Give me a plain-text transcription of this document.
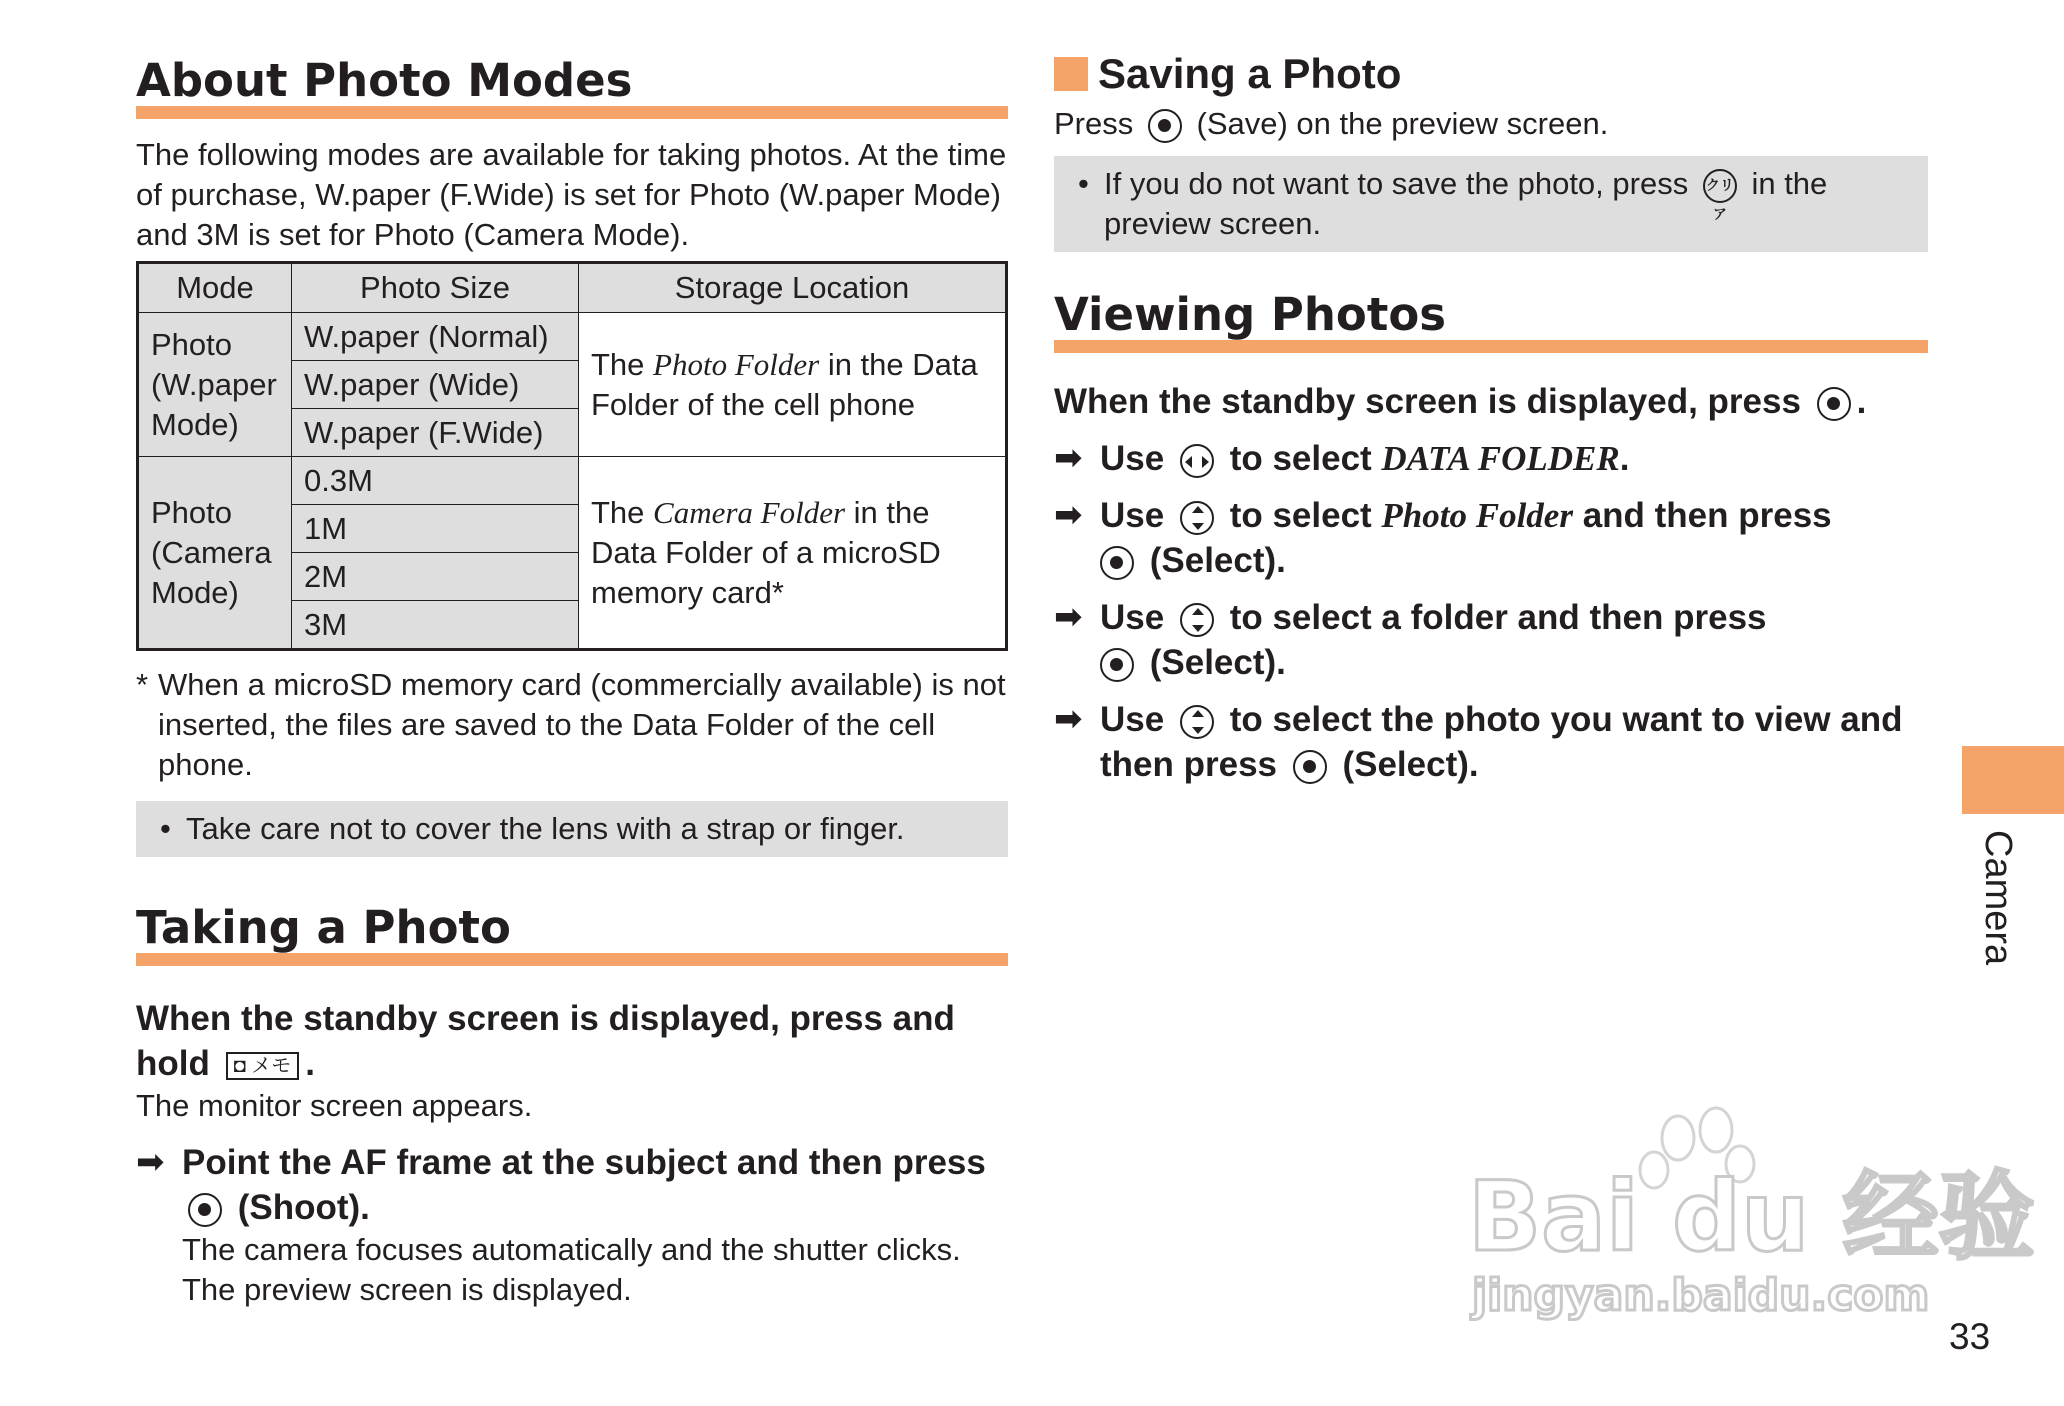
About Photo Modes

The following modes are available for taking photos. At the time of purchase, W.paper (F.Wide) is set for Photo (W.paper Mode) and 3M is set for Photo (Camera Mode).

Mode	Photo Size	Storage Location
Photo (W.paper Mode)	W.paper (Normal)	The Photo Folder in the Data Folder of the cell phone
	W.paper (Wide)	
	W.paper (F.Wide)	
Photo (Camera Mode)	0.3M	The Camera Folder in the Data Folder of a microSD memory card*
	1M	
	2M	
	3M	
* When a microSD memory card (commercially available) is not inserted, the files are saved to the Data Folder of the cell phone.
• Take care not to cover the lens with a strap or finger.
Taking a Photo

When the standby screen is displayed, press and hold ◘ メモ .

The monitor screen appears.

➡ Point the AF frame at the subject and then press  (Shoot).

The camera focuses automatically and the shutter clicks. The preview screen is displayed.

Saving a Photo

Press (Save) on the preview screen.

• If you do not want to save the photo, press クリア in the preview screen.
Viewing Photos

When the standby screen is displayed, press .

➡ Use to select DATA FOLDER.
➡ Use to select Photo Folder and then press
(Select).
➡ Use to select a folder and then press
(Select).
➡ Use to select the photo you want to view and then press (Select).
Camera
33
Bai du 经验
jingyan.baidu.com
